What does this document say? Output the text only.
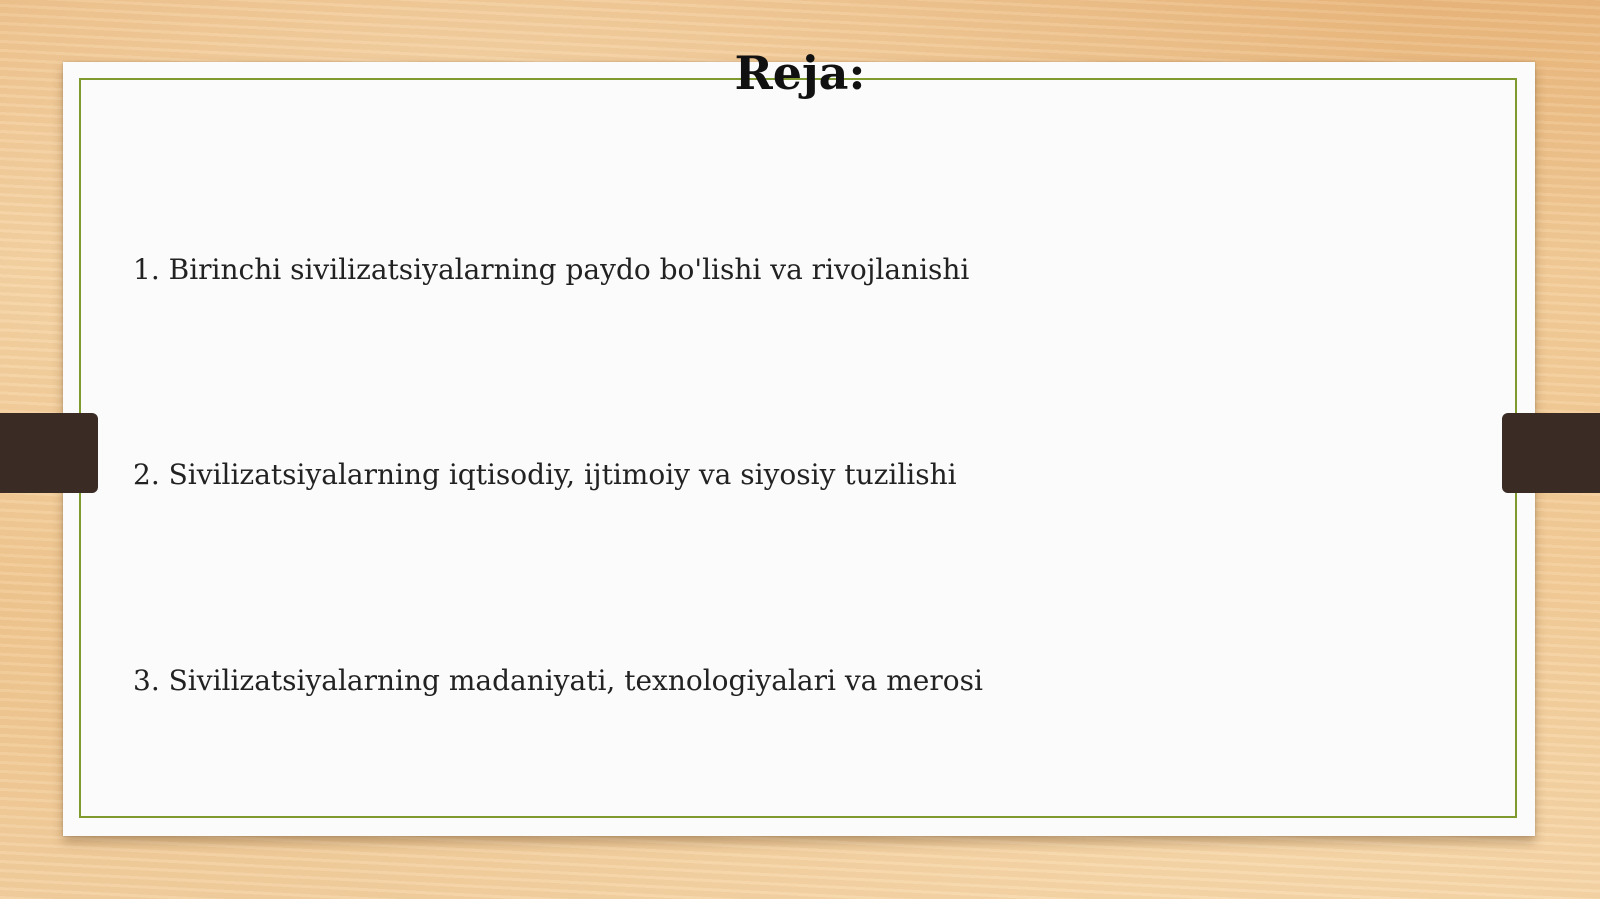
Reja:
1. Birinchi sivilizatsiyalarning paydo bo'lishi va rivojlanishi
2. Sivilizatsiyalarning iqtisodiy, ijtimoiy va siyosiy tuzilishi
3. Sivilizatsiyalarning madaniyati, texnologiyalari va merosi
